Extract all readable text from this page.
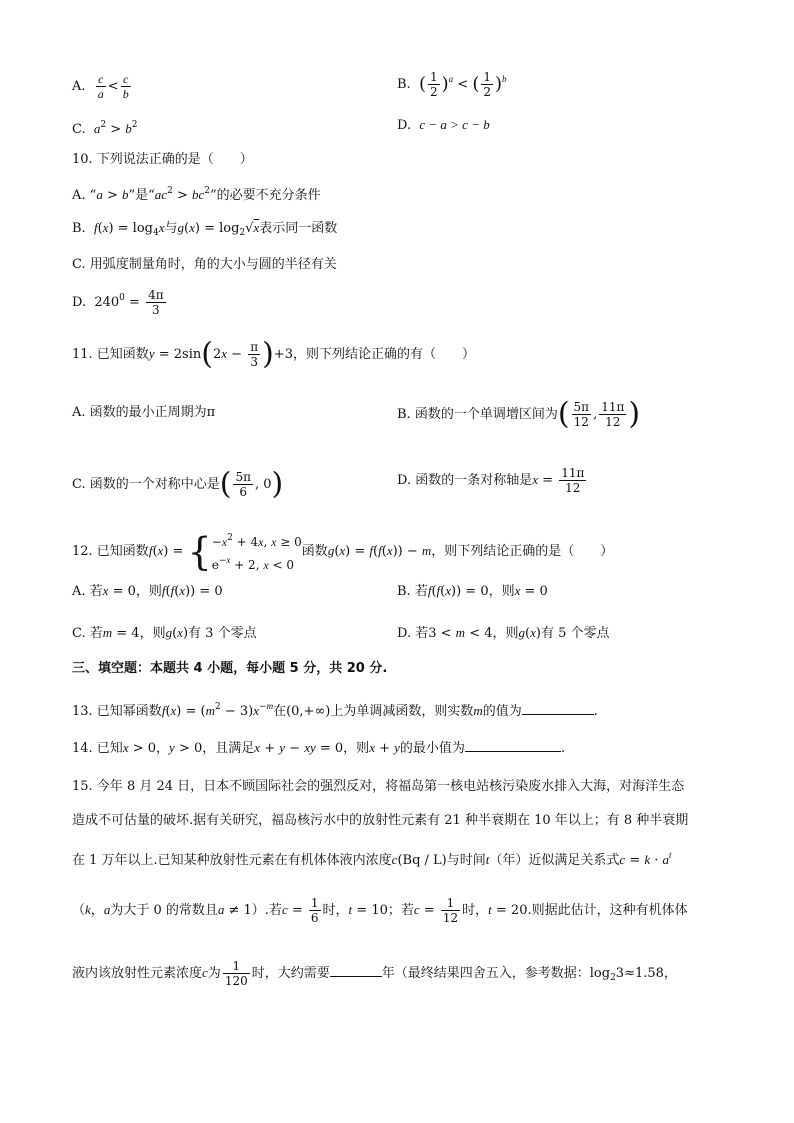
A. $\frac{c}{a} < \frac{c}{b}$	B. ( $\frac{1}{2} )^a$ < ( $\frac{1}{2} )^b$
C. $a^2 > b^2$	D. c − a > c − b
10. 下列说法正确的是（　　）
A. “a > b”是“$ac^2 > bc^2$”的必要不充分条件
B. $f(x) = \log_4x$与$g(x) = \log_2√x$表示同一函数
C. 用弧度制量角时，角的大小与圆的半径有关
D.  $240^0 = \frac{4\pi}{3}$
11. 已知函数$y = 2\sin(2x - \frac{\pi}{3} )+3$，则下列结论正确的有（　　）
A. 函数的最小正周期为π	B. 函数的一个单调增区间为( $\frac{5\pi}{12}$ , $\frac{11\pi}{12}$ )
C. 函数的一个对称中心是( $\frac{5\pi}{6}$ , 0)	D. 函数的一条对称轴是$x = \frac{11\pi}{12}$
12. 已知函数$f(x) = \{-x^2 + 4x$, x ≥ 0
$e^{-x} + 2$, x < 0函数g(x) = f(f(x)) − m，则下列结论正确的是（　　）
A. 若x = 0，则f(f(x)) = 0	B. 若f(f(x)) = 0，则x = 0
C. 若m = 4，则g(x)有 3 个零点	D. 若3 < m < 4，则g(x)有 5 个零点
三、填空题：本题共 4 小题，每小题 5 分，共 20 分.
13. 已知幂函数$f(x) = (m^2 - 3)x^{-m}$在(0,+∞)上为单调减函数，则实数m的值为	.
14. 已知x > 0，y > 0，且满足x + y − xy = 0，则x + y的最小值为	.
15. 今年 8 月 24 日，日本不顾国际社会的强烈反对，将福岛第一核电站核污染废水排入大海，对海洋生态
造成不可估量的破坏.据有关研究，福岛核污水中的放射性元素有 21 种半衰期在 10 年以上；有 8 种半衰期
在 1 万年以上.已知某种放射性元素在有机体体液内浓度c(Bq / L)与时间t（年）近似满足关系式$c = k \cdot a^t$
（k，a为大于 0 的常数且a ≠ 1）.若$c = \frac{1}{6}$ 时，t = 10；若$c = \frac{1}{12}$ 时，t = 20.则据此估计，这种有机体体
液内该放射性元素浓度c为 $\frac{1}{120}$ 时，大约需要	年（最终结果四舍五入，参考数据：$\log_23\approx 1.58$，
